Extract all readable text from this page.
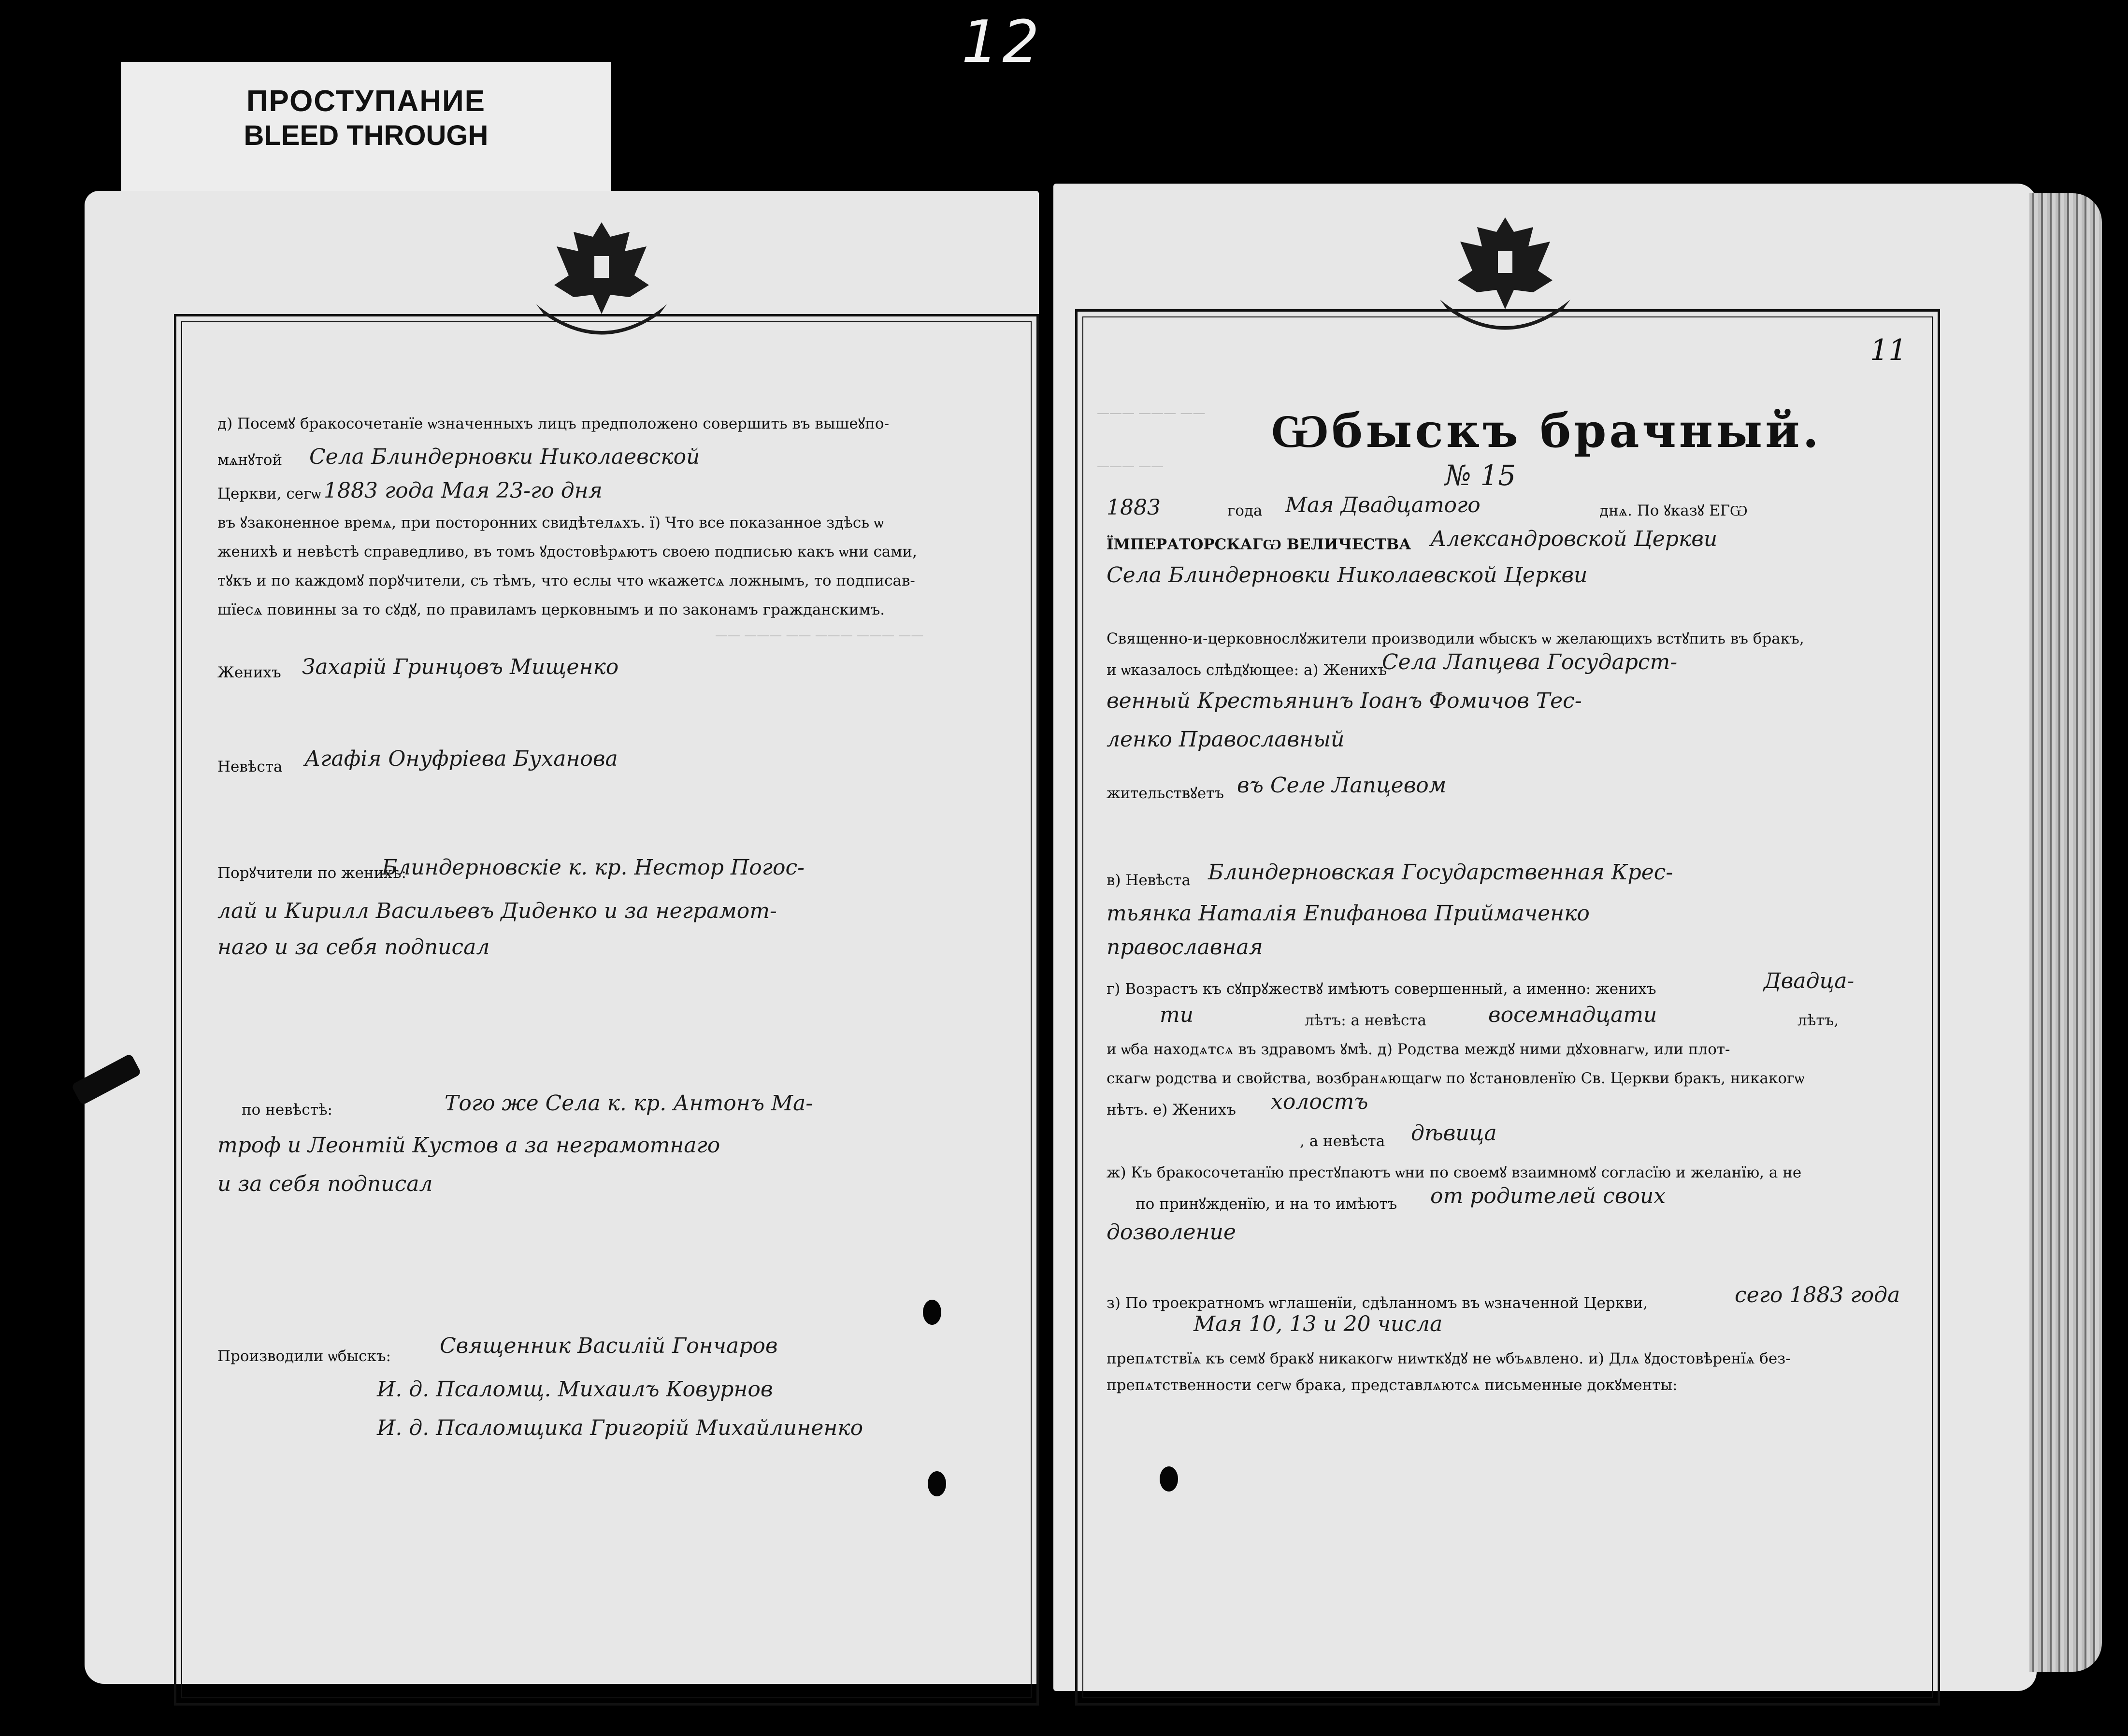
12
ПРОСТУПАНИЕ
BLEED THROUGH
—— ——— —— ——— ——— ——
——— ——— ——
——— ——
д) Посемꙋ бракосочетанїе ѡзначенныхъ лицъ предположено совершить въ вышеꙋпо-
мѧнꙋтой Села Блиндерновки Николаевской
Церкви, сегѡ 1883 года Мая 23-го дня
въ ꙋзаконенное времѧ, при посторонних свидѣтелѧхъ. ї) Что все показанное здѣсь ѡ
женихѣ и невѣстѣ справедливо, въ томъ ꙋдостовѣрѧютъ своею подписью какъ ѡни сами,
тꙋкъ и по каждомꙋ порꙋчители, съ тѣмъ, что еслы что ѡкажетсѧ ложнымъ, то подписав-
шїесѧ повинны за то сꙋдꙋ, по правиламъ церковнымъ и по законамъ гражданскимъ.
Женихъ Захарій Гринцовъ Мищенко
Невѣста Агафія Онуфріева Буханова
Порꙋчители по женихѣ:
Блиндерновскіе к. кр. Нестор Погос-
лай и Кирилл Васильевъ Диденко и за неграмот-
наго и за себя подписал
по невѣстѣ:	Того же Села к. кр. Антонъ Ма-
троф и Леонтій Кустов а за неграмотнаго
и за себя подписал
Производили ѡбыскъ: Священник Василій Гончаров
И. д. Псаломщ. Михаилъ Ковурнов
И. д. Псаломщика Григорій Михайлиненко
11
Ѡбыскъ брачный.
№ 15
1883	года Мая Двадцатого	днѧ. По ꙋказꙋ ЕГѠ
ЇМПЕРАТОРСКАГѠ ВЕЛИЧЕСТВА Александровской Церкви
Села Блиндерновки Николаевской Церкви
Священно-и-церковнослꙋжители производили ѡбыскъ ѡ желающихъ встꙋпить въ бракъ,
и ѡказалось слѣдꙋющее: а) Женихъ
Села Лапцева Государст-
венный Крестьянинъ Іоанъ Фомичов Тес-
ленко Православный
жительствꙋетъ въ Селе Лапцевом
в) Невѣста Блиндерновская Государственная Крес-
тьянка Наталія Епифанова Приймаченко
православная
г) Возрастъ къ сꙋпрꙋжествꙋ имѣютъ совершенный, а именно: женихъ	Двадца-
ти	лѣтъ: а невѣста	восемнадцати	лѣтъ,
и ѡба находѧтсѧ въ здравомъ ꙋмѣ. д) Родства междꙋ ними дꙋховнагѡ, или плот-
скагѡ родства и свойства, возбранѧющагѡ по ꙋстановленїю Св. Церкви бракъ, никакогѡ
нѣтъ. е) Женихъ холостъ
, а невѣста дѣвица
ж) Къ бракосочетанїю престꙋпаютъ ѡни по своемꙋ взаимномꙋ согласїю и желанїю, а не
по принꙋжденїю, и на то имѣютъ от родителей своих
дозволение
з) По троекратномъ ѡглашенїи, сдѣланномъ въ ѡзначенной Церкви,	сего 1883 года
Мая 10, 13 и 20 числа
препѧтствїѧ къ семꙋ бракꙋ никакогѡ ниѡткꙋдꙋ не ѡбъѧвлено. и) Длѧ ꙋдостовѣренїѧ без-
препѧтственности сегѡ брака, представлѧютсѧ письменные докꙋменты:
